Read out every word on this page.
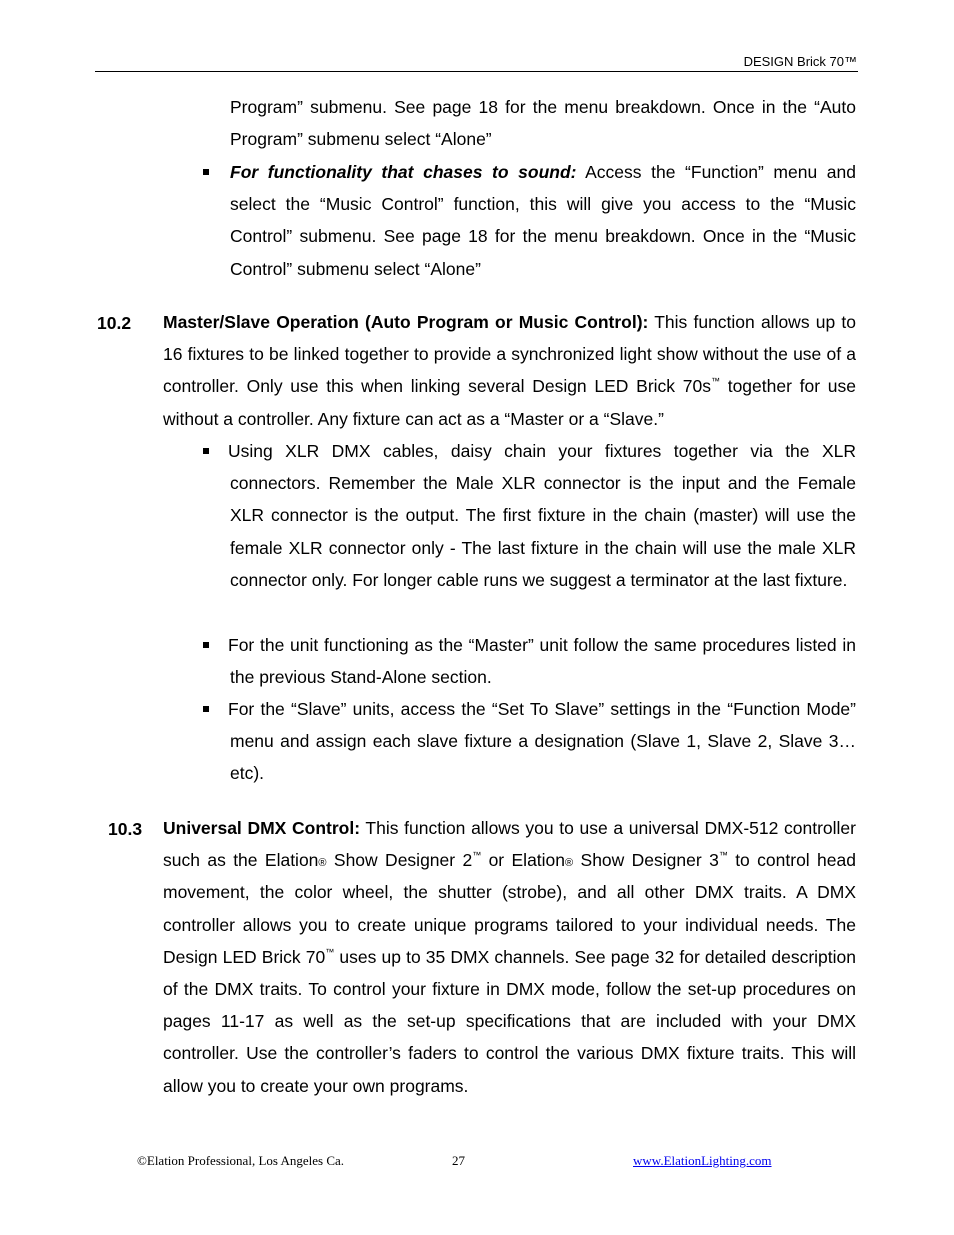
DESIGN Brick 70™
Program” submenu. See page 18 for the menu breakdown. Once in the “Auto Program” submenu select “Alone”
For functionality that chases to sound: Access the “Function” menu and select the “Music Control” function, this will give you access to the “Music Control” submenu. See page 18 for the menu breakdown. Once in the “Music Control” submenu select “Alone”
10.2 Master/Slave Operation (Auto Program or Music Control): This function allows up to 16 fixtures to be linked together to provide a synchronized light show without the use of a controller. Only use this when linking several Design LED Brick 70s™ together for use without a controller. Any fixture can act as a “Master or a “Slave.”
Using XLR DMX cables, daisy chain your fixtures together via the XLR connectors. Remember the Male XLR connector is the input and the Female XLR connector is the output. The first fixture in the chain (master) will use the female XLR connector only - The last fixture in the chain will use the male XLR connector only. For longer cable runs we suggest a terminator at the last fixture.
For the unit functioning as the “Master” unit follow the same procedures listed in the previous Stand-Alone section.
For the “Slave” units, access the “Set To Slave” settings in the “Function Mode” menu and assign each slave fixture a designation (Slave 1, Slave 2, Slave 3…etc).
10.3 Universal DMX Control: This function allows you to use a universal DMX-512 controller such as the Elation® Show Designer 2™ or Elation® Show Designer 3™ to control head movement, the color wheel, the shutter (strobe), and all other DMX traits. A DMX controller allows you to create unique programs tailored to your individual needs. The Design LED Brick 70™ uses up to 35 DMX channels. See page 32 for detailed description of the DMX traits. To control your fixture in DMX mode, follow the set-up procedures on pages 11-17 as well as the set-up specifications that are included with your DMX controller. Use the controller’s faders to control the various DMX fixture traits. This will allow you to create your own programs.
©Elation Professional, Los Angeles Ca.	27	www.ElationLighting.com
